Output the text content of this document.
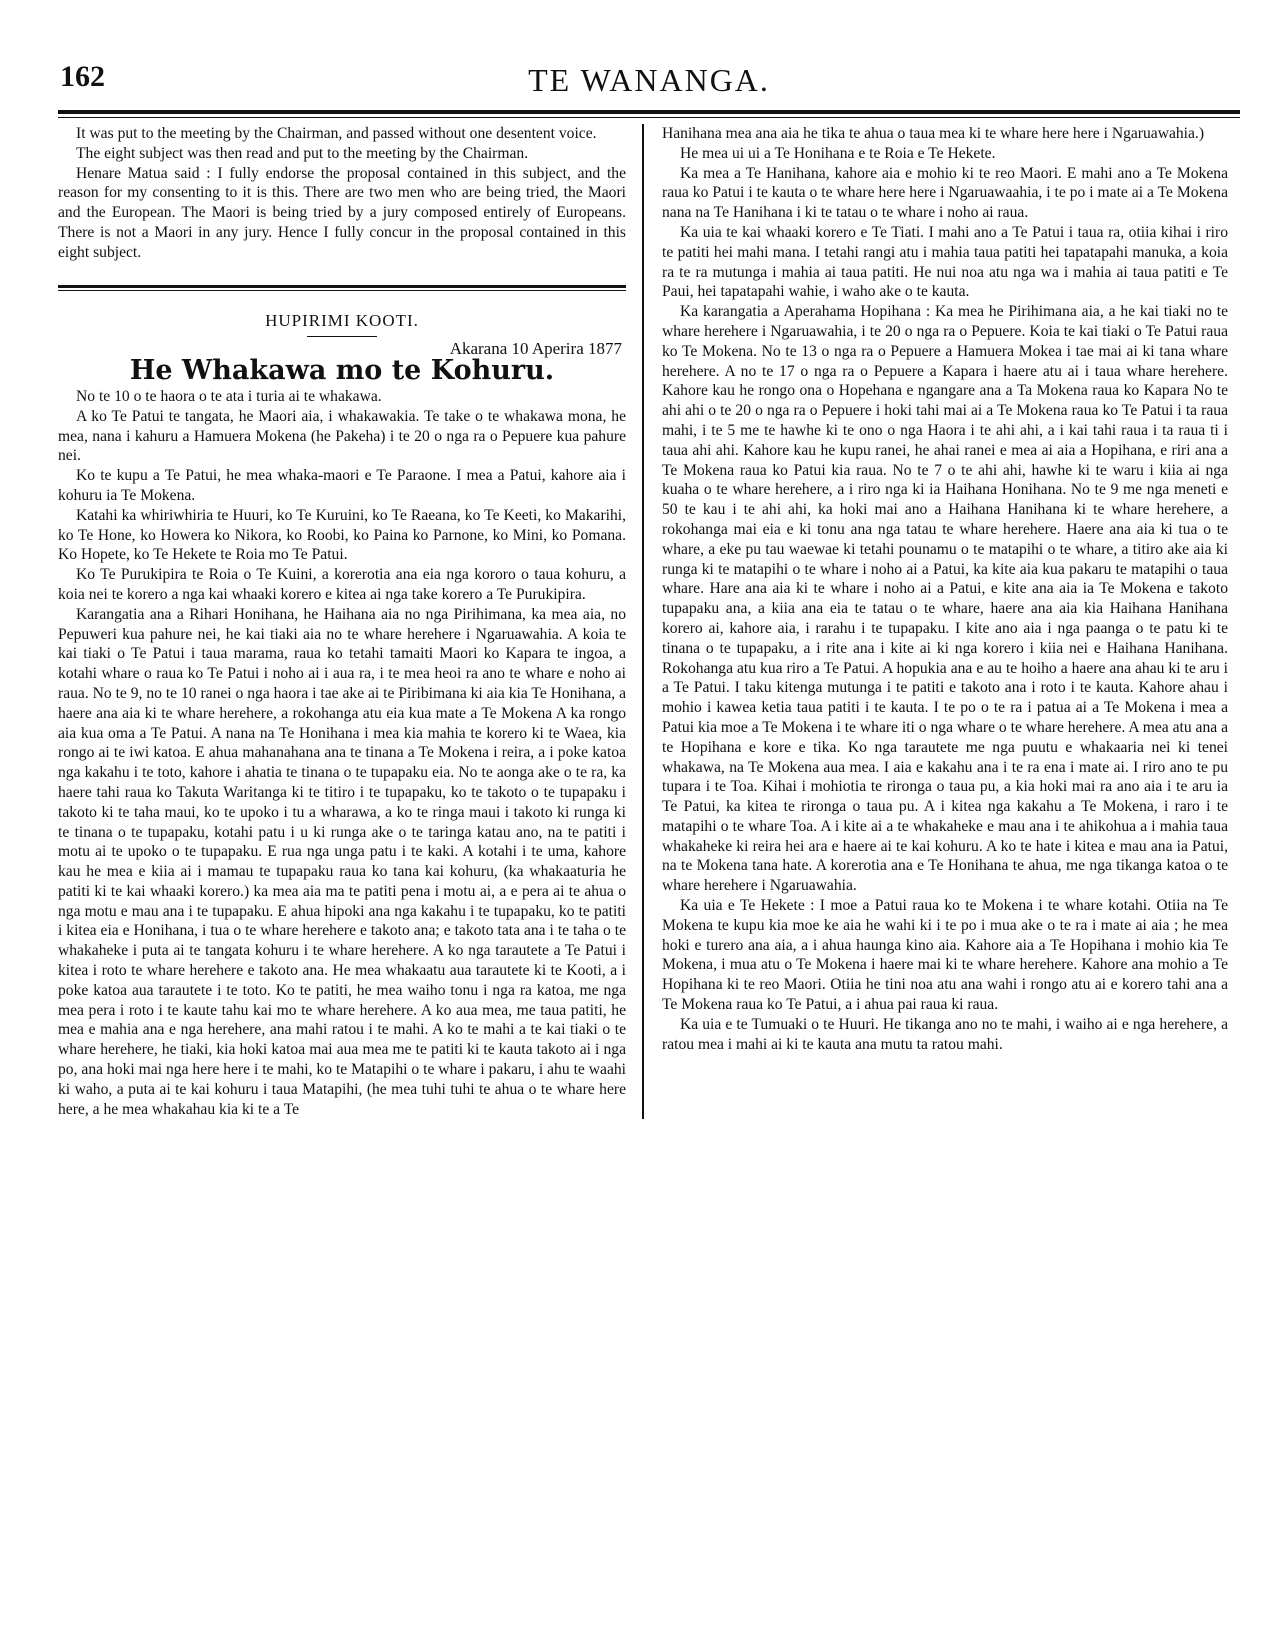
162	TE WANANGA.

It was put to the meeting by the Chairman, and passed without one desentent voice.

The eight subject was then read and put to the meeting by the Chairman.

Henare Matua said : I fully endorse the proposal contained in this subject, and the reason for my consenting to it is this. There are two men who are being tried, the Maori and the European. The Maori is being tried by a jury composed entirely of Europeans. There is not a Maori in any jury. Hence I fully concur in the proposal contained in this eight subject.

HUPIRIMI KOOTI.
Akarana 10 Aperira 1877
He Whakawa mo te Kohuru.

No te 10 o te haora o te ata i turia ai te whakawa.

A ko Te Patui te tangata, he Maori aia, i whakawakia. Te take o te whakawa mona, he mea, nana i kahuru a Hamuera Mokena (he Pakeha) i te 20 o nga ra o Pepuere kua pahure nei.

Ko te kupu a Te Patui, he mea whaka-maori e Te Paraone. I mea a Patui, kahore aia i kohuru ia Te Mokena.

Katahi ka whiriwhiria te Huuri, ko Te Kuruini, ko Te Raeana, ko Te Keeti, ko Makarihi, ko Te Hone, ko Howera ko Nikora, ko Roobi, ko Paina ko Parnone, ko Mini, ko Pomana. Ko Hopete, ko Te Hekete te Roia mo Te Patui.

Ko Te Purukipira te Roia o Te Kuini, a korerotia ana eia nga kororo o taua kohuru, a koia nei te korero a nga kai whaaki korero e kitea ai nga take korero a Te Purukipira.

Karangatia ana a Rihari Honihana, he Haihana aia no nga Pirihimana, ka mea aia, no Pepuweri kua pahure nei, he kai tiaki aia no te whare herehere i Ngaruawahia. A koia te kai tiaki o Te Patui i taua marama, raua ko tetahi tamaiti Maori ko Kapara te ingoa, a kotahi whare o raua ko Te Patui i noho ai i aua ra, i te mea heoi ra ano te whare e noho ai raua. No te 9, no te 10 ranei o nga haora i tae ake ai te Piribimana ki aia kia Te Honihana, a haere ana aia ki te whare herehere, a rokohanga atu eia kua mate a Te Mokena A ka rongo aia kua oma a Te Patui. A nana na Te Honihana i mea kia mahia te korero ki te Waea, kia rongo ai te iwi katoa. E ahua mahanahana ana te tinana a Te Mokena i reira, a i poke katoa nga kakahu i te toto, kahore i ahatia te tinana o te tupapaku eia. No te aonga ake o te ra, ka haere tahi raua ko Takuta Waritanga ki te titiro i te tupapaku, ko te takoto o te tupapaku i takoto ki te taha maui, ko te upoko i tu a wharawa, a ko te ringa maui i takoto ki runga ki te tinana o te tupapaku, kotahi patu i u ki runga ake o te taringa katau ano, na te patiti i motu ai te upoko o te tupapaku. E rua nga unga patu i te kaki. A kotahi i te uma, kahore kau he mea e kiia ai i mamau te tupapaku raua ko tana kai kohuru, (ka whakaaturia he patiti ki te kai whaaki korero.) ka mea aia ma te patiti pena i motu ai, a e pera ai te ahua o nga motu e mau ana i te tupapaku. E ahua hipoki ana nga kakahu i te tupapaku, ko te patiti i kitea eia e Honihana, i tua o te whare herehere e takoto ana; e takoto tata ana i te taha o te whakaheke i puta ai te tangata kohuru i te whare herehere. A ko nga tarautete a Te Patui i kitea i roto te whare herehere e takoto ana. He mea whakaatu aua tarautete ki te Kooti, a i poke katoa aua tarautete i te toto. Ko te patiti, he mea waiho tonu i nga ra katoa, me nga mea pera i roto i te kaute tahu kai mo te whare herehere. A ko aua mea, me taua patiti, he mea e mahia ana e nga herehere, ana mahi ratou i te mahi. A ko te mahi a te kai tiaki o te whare herehere, he tiaki, kia hoki katoa mai aua mea me te patiti ki te kauta takoto ai i nga po, ana hoki mai nga here here i te mahi, ko te Matapihi o te whare i pakaru, i ahu te waahi ki waho, a puta ai te kai kohuru i taua Matapihi, (he mea tuhi tuhi te ahua o te whare here here, a he mea whakahau kia ki te a Te

Hanihana mea ana aia he tika te ahua o taua mea ki te whare here here i Ngaruawahia.)

He mea ui ui a Te Honihana e te Roia e Te Hekete.

Ka mea a Te Hanihana, kahore aia e mohio ki te reo Maori. E mahi ano a Te Mokena raua ko Patui i te kauta o te whare here here i Ngaruawaahia, i te po i mate ai a Te Mokena nana na Te Hanihana i ki te tatau o te whare i noho ai raua.

Ka uia te kai whaaki korero e Te Tiati. I mahi ano a Te Patui i taua ra, otiia kihai i riro te patiti hei mahi mana. I tetahi rangi atu i mahia taua patiti hei tapatapahi manuka, a koia ra te ra mutunga i mahia ai taua patiti. He nui noa atu nga wa i mahia ai taua patiti e Te Paui, hei tapatapahi wahie, i waho ake o te kauta.

Ka karangatia a Aperahama Hopihana : Ka mea he Pirihimana aia, a he kai tiaki no te whare herehere i Ngaruawahia, i te 20 o nga ra o Pepuere. Koia te kai tiaki o Te Patui raua ko Te Mokena. No te 13 o nga ra o Pepuere a Hamuera Mokea i tae mai ai ki tana whare herehere. A no te 17 o nga ra o Pepuere a Kapara i haere atu ai i taua whare herehere. Kahore kau he rongo ona o Hopehana e ngangare ana a Ta Mokena raua ko Kapara No te ahi ahi o te 20 o nga ra o Pepuere i hoki tahi mai ai a Te Mokena raua ko Te Patui i ta raua mahi, i te 5 me te hawhe ki te ono o nga Haora i te ahi ahi, a i kai tahi raua i ta raua ti i taua ahi ahi. Kahore kau he kupu ranei, he ahai ranei e mea ai aia a Hopihana, e riri ana a Te Mokena raua ko Patui kia raua. No te 7 o te ahi ahi, hawhe ki te waru i kiia ai nga kuaha o te whare herehere, a i riro nga ki ia Haihana Honihana. No te 9 me nga meneti e 50 te kau i te ahi ahi, ka hoki mai ano a Haihana Hanihana ki te whare herehere, a rokohanga mai eia e ki tonu ana nga tatau te whare herehere. Haere ana aia ki tua o te whare, a eke pu tau waewae ki tetahi pounamu o te matapihi o te whare, a titiro ake aia ki runga ki te matapihi o te whare i noho ai a Patui, ka kite aia kua pakaru te matapihi o taua whare. Hare ana aia ki te whare i noho ai a Patui, e kite ana aia ia Te Mokena e takoto tupapaku ana, a kiia ana eia te tatau o te whare, haere ana aia kia Haihana Hanihana korero ai, kahore aia, i rarahu i te tupapaku. I kite ano aia i nga paanga o te patu ki te tinana o te tupapaku, a i rite ana i kite ai ki nga korero i kiia nei e Haihana Hanihana. Rokohanga atu kua riro a Te Patui. A hopukia ana e au te hoiho a haere ana ahau ki te aru i a Te Patui. I taku kitenga mutunga i te patiti e takoto ana i roto i te kauta. Kahore ahau i mohio i kawea ketia taua patiti i te kauta. I te po o te ra i patua ai a Te Mokena i mea a Patui kia moe a Te Mokena i te whare iti o nga whare o te whare herehere. A mea atu ana a te Hopihana e kore e tika. Ko nga tarautete me nga puutu e whakaaria nei ki tenei whakawa, na Te Mokena aua mea. I aia e kakahu ana i te ra ena i mate ai. I riro ano te pu tupara i te Toa. Kihai i mohiotia te rironga o taua pu, a kia hoki mai ra ano aia i te aru ia Te Patui, ka kitea te rironga o taua pu. A i kitea nga kakahu a Te Mokena, i raro i te matapihi o te whare Toa. A i kite ai a te whakaheke e mau ana i te ahikohua a i mahia taua whakaheke ki reira hei ara e haere ai te kai kohuru. A ko te hate i kitea e mau ana ia Patui, na te Mokena tana hate. A korerotia ana e Te Honihana te ahua, me nga tikanga katoa o te whare herehere i Ngaruawahia.

Ka uia e Te Hekete : I moe a Patui raua ko te Mokena i te whare kotahi. Otiia na Te Mokena te kupu kia moe ke aia he wahi ki i te po i mua ake o te ra i mate ai aia ; he mea hoki e turero ana aia, a i ahua haunga kino aia. Kahore aia a Te Hopihana i mohio kia Te Mokena, i mua atu o Te Mokena i haere mai ki te whare herehere. Kahore ana mohio a Te Hopihana ki te reo Maori. Otiia he tini noa atu ana wahi i rongo atu ai e korero tahi ana a Te Mokena raua ko Te Patui, a i ahua pai raua ki raua.

Ka uia e te Tumuaki o te Huuri. He tikanga ano no te mahi, i waiho ai e nga herehere, a ratou mea i mahi ai ki te kauta ana mutu ta ratou mahi.
